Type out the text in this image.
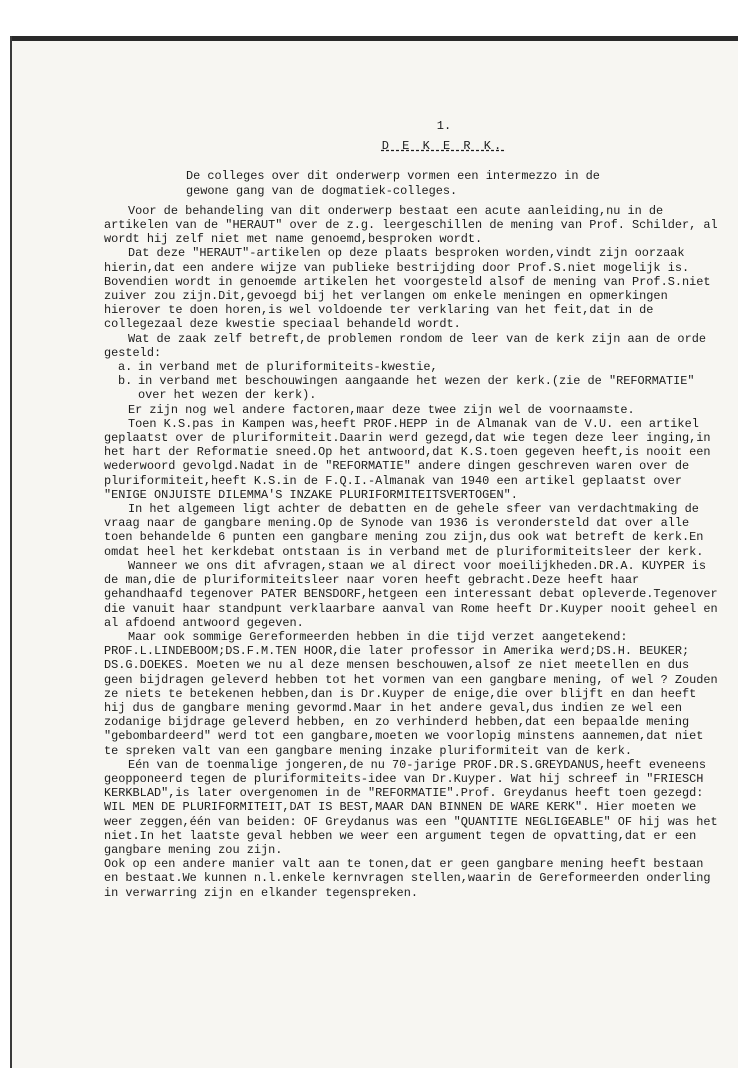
1.
D E K E R K.
De colleges over dit onderwerp vormen een intermezzo in de gewone gang van de dogmatiek-colleges.
Voor de behandeling van dit onderwerp bestaat een acute aanleiding,nu in de artikelen van de "HERAUT" over de z.g. leergeschillen de mening van Prof. Schilder, al wordt hij zelf niet met name genoemd,besproken wordt.
Dat deze "HERAUT"-artikelen op deze plaats besproken worden,vindt zijn oorzaak hierin,dat een andere wijze van publieke bestrijding door Prof.S.niet mogelijk is. Bovendien wordt in genoemde artikelen het voorgesteld alsof de mening van Prof.S.niet zuiver zou zijn.Dit,gevoegd bij het verlangen om enkele meningen en opmerkingen hierover te doen horen,is wel voldoende ter verklaring van het feit,dat in de collegezaal deze kwestie speciaal behandeld wordt.
Wat de zaak zelf betreft,de problemen rondom de leer van de kerk zijn aan de orde gesteld:
a. in verband met de pluriformiteits-kwestie,
b. in verband met beschouwingen aangaande het wezen der kerk.(zie de "REFORMATIE" over het wezen der kerk).
Er zijn nog wel andere factoren,maar deze twee zijn wel de voornaamste.
Toen K.S.pas in Kampen was,heeft PROF.HEPP in de Almanak van de V.U. een artikel geplaatst over de pluriformiteit.Daarin werd gezegd,dat wie tegen deze leer inging,in het hart der Reformatie sneed.Op het antwoord,dat K.S.toen gegeven heeft,is nooit een wederwoord gevolgd.Nadat in de "REFORMATIE" andere dingen geschreven waren over de pluriformiteit,heeft K.S.in de F.Q.I.-Almanak van 1940 een artikel geplaatst over "ENIGE ONJUISTE DILEMMA'S INZAKE PLURIFORMITEITSVERTOGEN".
In het algemeen ligt achter de debatten en de gehele sfeer van verdachtmaking de vraag naar de gangbare mening.Op de Synode van 1936 is verondersteld dat over alle toen behandelde 6 punten een gangbare mening zou zijn,dus ook wat betreft de kerk.En omdat heel het kerkdebat ontstaan is in verband met de pluriformiteitsleer der kerk.
Wanneer we ons dit afvragen,staan we al direct voor moeilijkheden.DR.A. KUYPER is de man,die de pluriformiteitsleer naar voren heeft gebracht.Deze heeft haar gehandhaafd tegenover PATER BENSDORF,hetgeen een interessant debat opleverde.Tegenover die vanuit haar standpunt verklaarbare aanval van Rome heeft Dr.Kuyper nooit geheel en al afdoend antwoord gegeven.
Maar ook sommige Gereformeerden hebben in die tijd verzet aangetekend: PROF.L.LINDEBOOM;DS.F.M.TEN HOOR,die later professor in Amerika werd;DS.H. BEUKER; DS.G.DOEKES. Moeten we nu al deze mensen beschouwen,alsof ze niet meetellen en dus geen bijdragen geleverd hebben tot het vormen van een gangbare mening, of wel ? Zouden ze niets te betekenen hebben,dan is Dr.Kuyper de enige,die over blijft en dan heeft hij dus de gangbare mening gevormd.Maar in het andere geval,dus indien ze wel een zodanige bijdrage geleverd hebben, en zo verhinderd hebben,dat een bepaalde mening "gebombardeerd" werd tot een gangbare,moeten we voorlopig minstens aannemen,dat niet te spreken valt van een gangbare mening inzake pluriformiteit van de kerk.
Eén van de toenmalige jongeren,de nu 70-jarige PROF.DR.S.GREYDANUS,heeft eveneens geopponeerd tegen de pluriformiteits-idee van Dr.Kuyper. Wat hij schreef in "FRIESCH KERKBLAD",is later overgenomen in de "REFORMATIE".Prof. Greydanus heeft toen gezegd: WIL MEN DE PLURIFORMITEIT,DAT IS BEST,MAAR DAN BINNEN DE WARE KERK". Hier moeten we weer zeggen,één van beiden: OF Greydanus was een "QUANTITE NEGLIGEABLE" OF hij was het niet.In het laatste geval hebben we weer een argument tegen de opvatting,dat er een gangbare mening zou zijn.
Ook op een andere manier valt aan te tonen,dat er geen gangbare mening heeft bestaan en bestaat.We kunnen n.l.enkele kernvragen stellen,waarin de Gereformeerden onderling in verwarring zijn en elkander tegenspreken.
